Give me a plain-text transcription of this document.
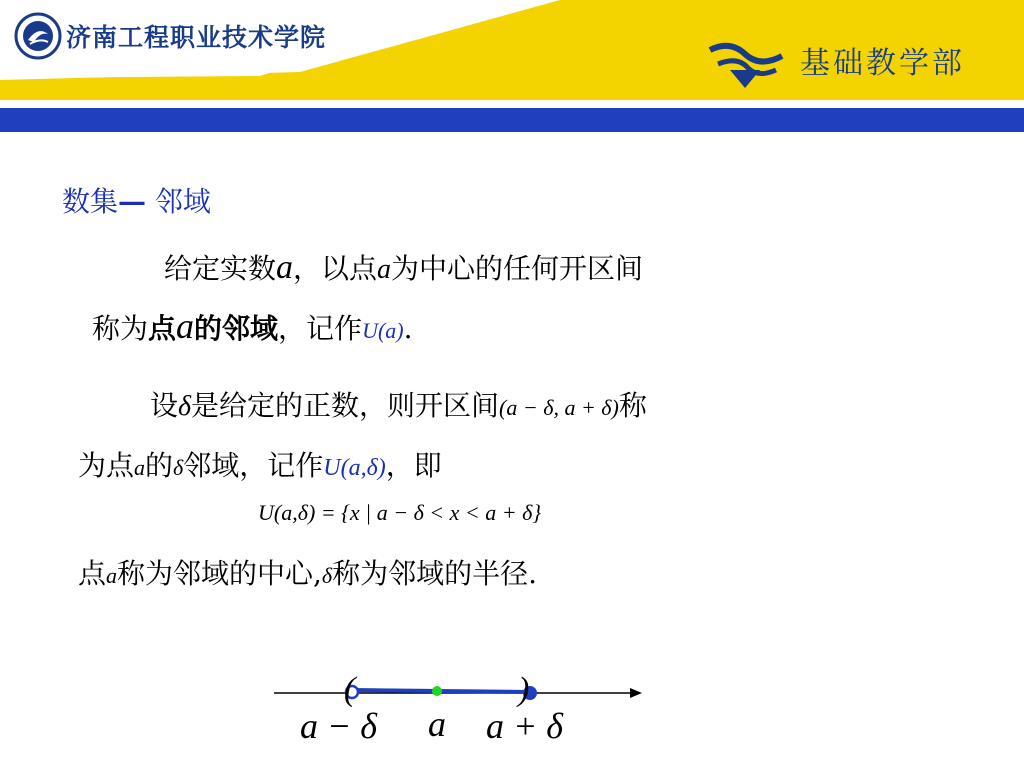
济南工程职业技术学院
基础教学部
数集— 邻域
给定实数a，以点a为中心的任何开区间
称为点a的邻域，记作U(a).
设δ是给定的正数，则开区间(a − δ, a + δ)称
为点a的δ邻域，记作U(a,δ)，即
U(a,δ) = {x | a − δ < x < a + δ}
点a称为邻域的中心,δ称为邻域的半径.
(	)
a − δ a a + δ
